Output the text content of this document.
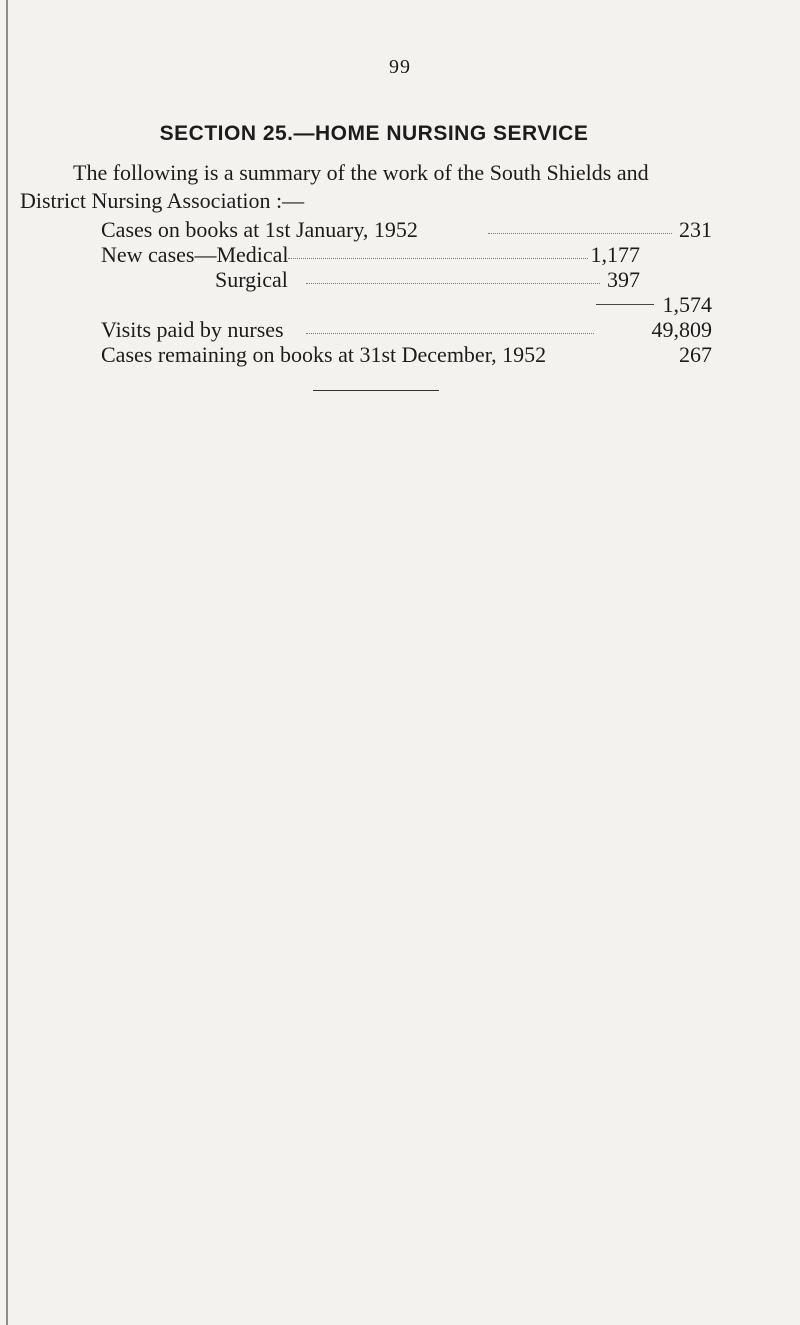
99
SECTION 25.—HOME NURSING SERVICE
The following is a summary of the work of the South Shields and
District Nursing Association :—
Cases on books at 1st January, 1952	231
New cases—Medical	1,177
Surgical	397
1,574
Visits paid by nurses	49,809
Cases remaining on books at 31st December, 1952	267
